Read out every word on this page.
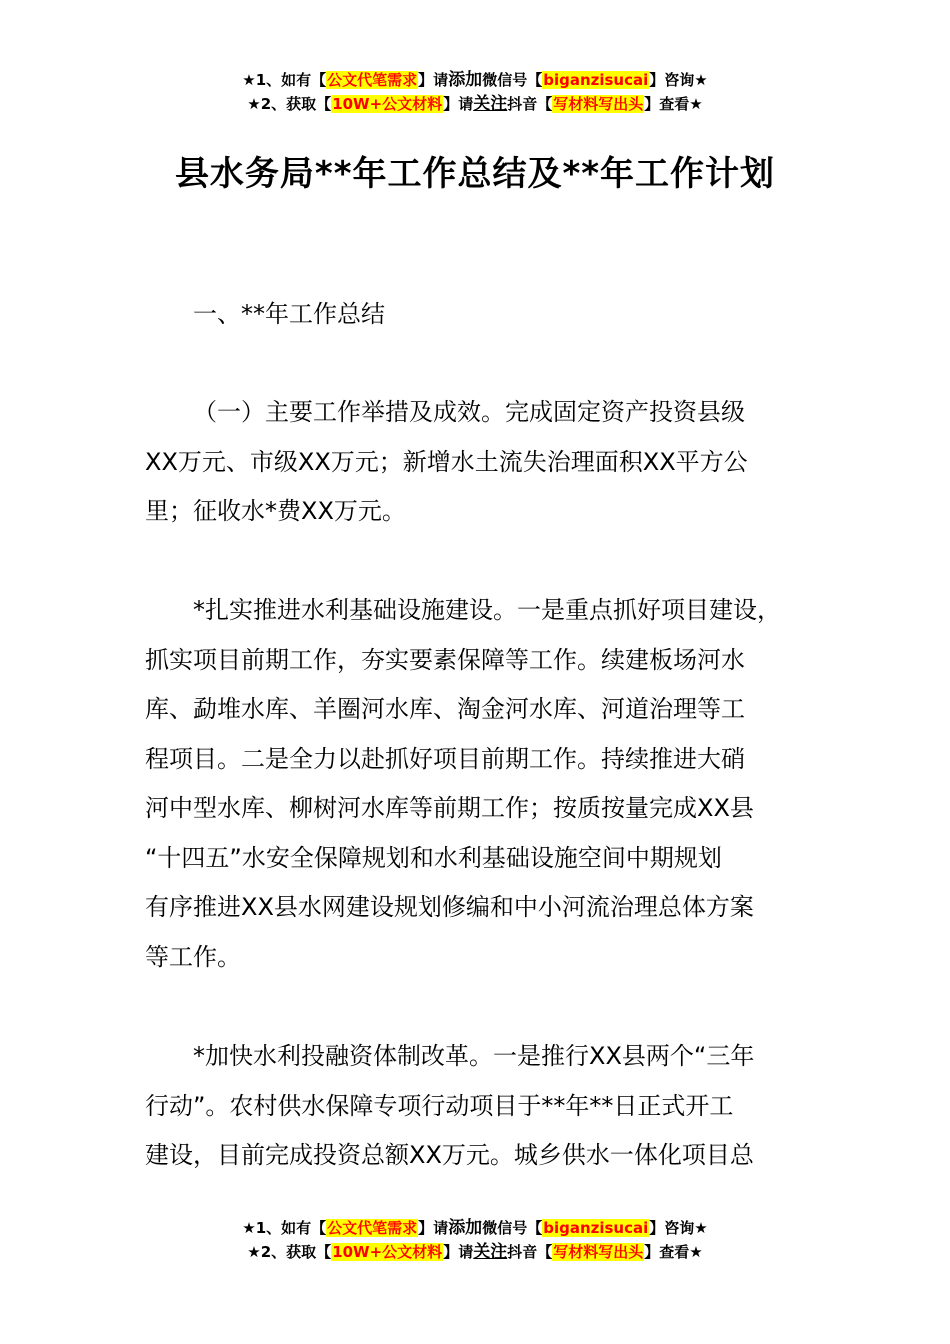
★1、如有【公文代笔需求】请添加微信号【biganzisucai】咨询★
★2、获取【10W+公文材料】请关注抖音【写材料写出头】查看★
县水务局**年工作总结及**年工作计划

一、**年工作总结

（一）主要工作举措及成效。完成固定资产投资县级

XX万元、市级XX万元；新增水土流失治理面积XX平方公

里；征收水*费XX万元。

*扎实推进水利基础设施建设。一是重点抓好项目建设，

抓实项目前期工作，夯实要素保障等工作。续建板场河水

库、勐堆水库、羊圈河水库、淘金河水库、河道治理等工

程项目。二是全力以赴抓好项目前期工作。持续推进大硝

河中型水库、柳树河水库等前期工作；按质按量完成XX县

“十四五”水安全保障规划和水利基础设施空间中期规划

有序推进XX县水网建设规划修编和中小河流治理总体方案

等工作。

*加快水利投融资体制改革。一是推行XX县两个“三年

行动”。农村供水保障专项行动项目于**年**日正式开工

建设，目前完成投资总额XX万元。城乡供水一体化项目总

★1、如有【公文代笔需求】请添加微信号【biganzisucai】咨询★
★2、获取【10W+公文材料】请关注抖音【写材料写出头】查看★
